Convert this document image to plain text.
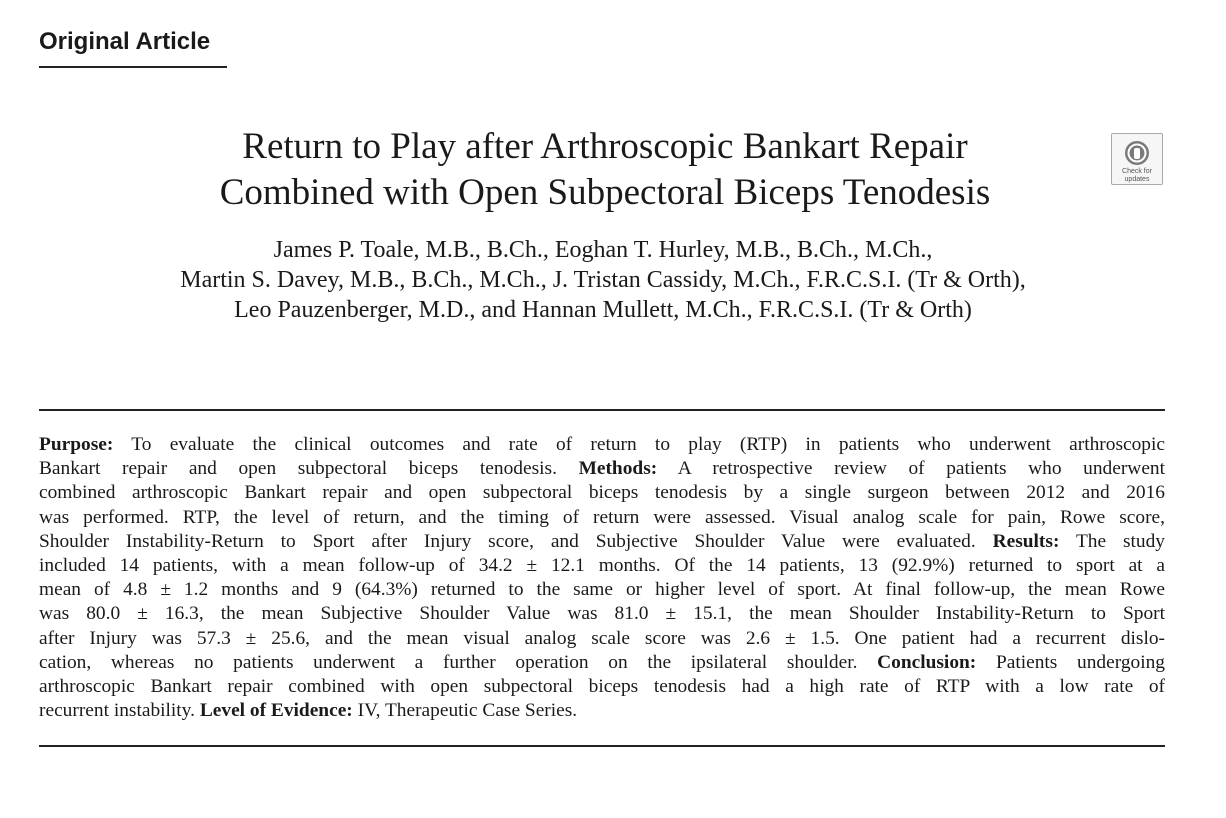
Original Article
Return to Play after Arthroscopic Bankart Repair
Combined with Open Subpectoral Biceps Tenodesis
Check for
updates
James P. Toale, M.B., B.Ch., Eoghan T. Hurley, M.B., B.Ch., M.Ch.,
Martin S. Davey, M.B., B.Ch., M.Ch., J. Tristan Cassidy, M.Ch., F.R.C.S.I. (Tr & Orth),
Leo Pauzenberger, M.D., and Hannan Mullett, M.Ch., F.R.C.S.I. (Tr & Orth)
Purpose: To evaluate the clinical outcomes and rate of return to play (RTP) in patients who underwent arthroscopic
Bankart repair and open subpectoral biceps tenodesis. Methods: A retrospective review of patients who underwent
combined arthroscopic Bankart repair and open subpectoral biceps tenodesis by a single surgeon between 2012 and 2016
was performed. RTP, the level of return, and the timing of return were assessed. Visual analog scale for pain, Rowe score,
Shoulder Instability-Return to Sport after Injury score, and Subjective Shoulder Value were evaluated. Results: The study
included 14 patients, with a mean follow-up of 34.2 ± 12.1 months. Of the 14 patients, 13 (92.9%) returned to sport at a
mean of 4.8 ± 1.2 months and 9 (64.3%) returned to the same or higher level of sport. At final follow-up, the mean Rowe
was 80.0 ± 16.3, the mean Subjective Shoulder Value was 81.0 ± 15.1, the mean Shoulder Instability-Return to Sport
after Injury was 57.3 ± 25.6, and the mean visual analog scale score was 2.6 ± 1.5. One patient had a recurrent dislo-
cation, whereas no patients underwent a further operation on the ipsilateral shoulder. Conclusion: Patients undergoing
arthroscopic Bankart repair combined with open subpectoral biceps tenodesis had a high rate of RTP with a low rate of
recurrent instability. Level of Evidence: IV, Therapeutic Case Series.
